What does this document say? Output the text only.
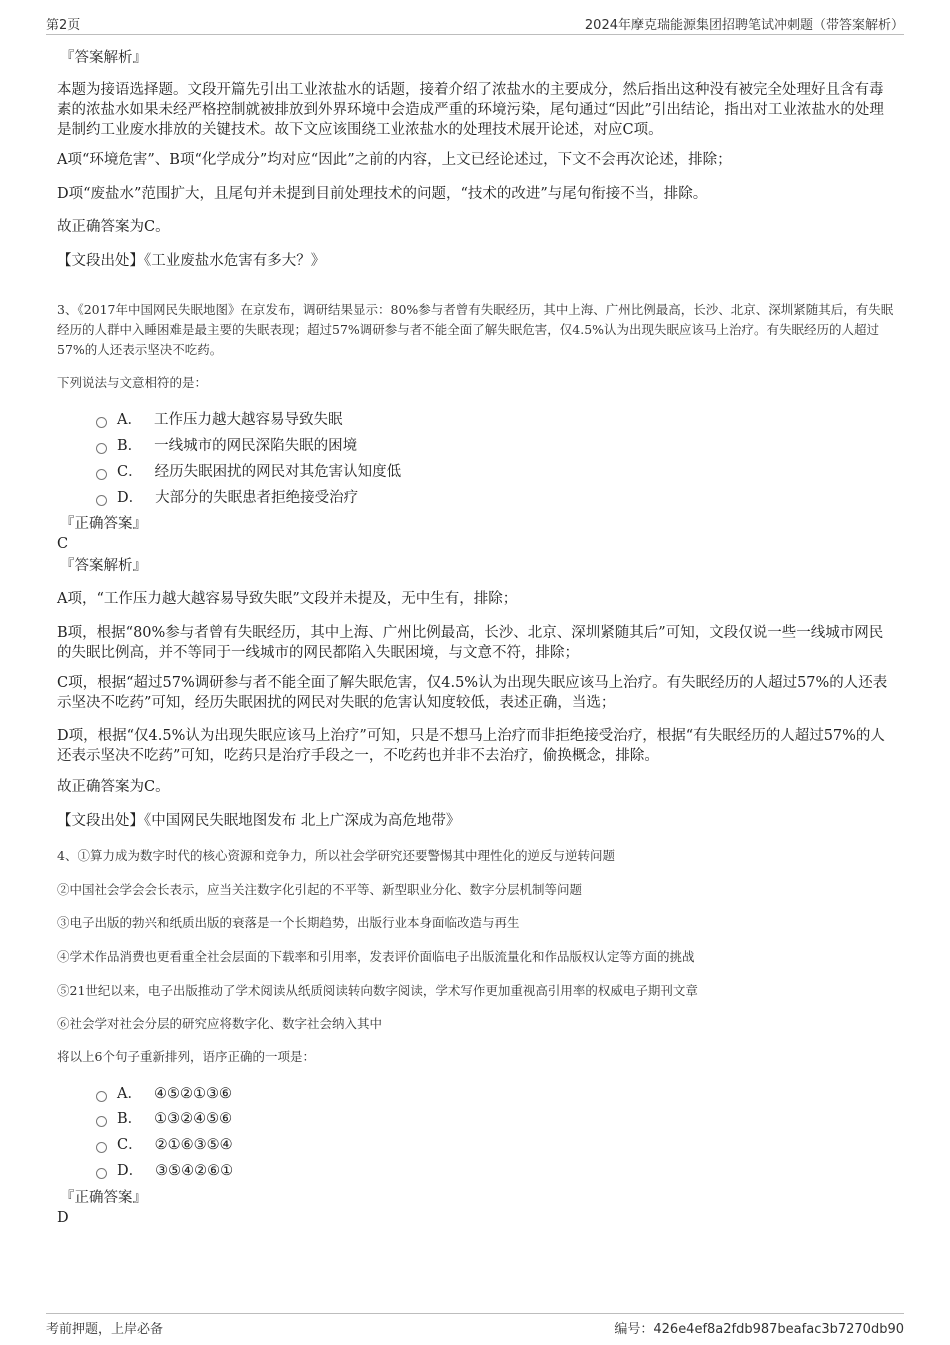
第2页	2024年摩克瑞能源集团招聘笔试冲刺题（带答案解析）
『答案解析』
本题为接语选择题。文段开篇先引出工业浓盐水的话题，接着介绍了浓盐水的主要成分，然后指出这种没有被完全处理好且含有毒素的浓盐水如果未经严格控制就被排放到外界环境中会造成严重的环境污染，尾句通过“因此”引出结论，指出对工业浓盐水的处理是制约工业废水排放的关键技术。故下文应该围绕工业浓盐水的处理技术展开论述，对应C项。
A项“环境危害”、B项“化学成分”均对应“因此”之前的内容，上文已经论述过，下文不会再次论述，排除；
D项“废盐水”范围扩大，且尾句并未提到目前处理技术的问题，“技术的改进”与尾句衔接不当，排除。
故正确答案为C。
【文段出处】《工业废盐水危害有多大？》
3、《2017年中国网民失眠地图》在京发布，调研结果显示：80%参与者曾有失眠经历，其中上海、广州比例最高，长沙、北京、深圳紧随其后，有失眠经历的人群中入睡困难是最主要的失眠表现；超过57%调研参与者不能全面了解失眠危害，仅4.5%认为出现失眠应该马上治疗。有失眠经历的人超过57%的人还表示坚决不吃药。
下列说法与文意相符的是：
A． 工作压力越大越容易导致失眠
B． 一线城市的网民深陷失眠的困境
C． 经历失眠困扰的网民对其危害认知度低
D． 大部分的失眠患者拒绝接受治疗
『正确答案』
C
『答案解析』
A项，“工作压力越大越容易导致失眠”文段并未提及，无中生有，排除；
B项，根据“80%参与者曾有失眠经历，其中上海、广州比例最高，长沙、北京、深圳紧随其后”可知，文段仅说一些一线城市网民的失眠比例高，并不等同于一线城市的网民都陷入失眠困境，与文意不符，排除；
C项，根据“超过57%调研参与者不能全面了解失眠危害，仅4.5%认为出现失眠应该马上治疗。有失眠经历的人超过57%的人还表示坚决不吃药”可知，经历失眠困扰的网民对失眠的危害认知度较低，表述正确，当选；
D项，根据“仅4.5%认为出现失眠应该马上治疗”可知，只是不想马上治疗而非拒绝接受治疗，根据“有失眠经历的人超过57%的人还表示坚决不吃药”可知，吃药只是治疗手段之一，不吃药也并非不去治疗，偷换概念，排除。
故正确答案为C。
【文段出处】《中国网民失眠地图发布 北上广深成为高危地带》
4、①算力成为数字时代的核心资源和竞争力，所以社会学研究还要警惕其中理性化的逆反与逆转问题
②中国社会学会会长表示，应当关注数字化引起的不平等、新型职业分化、数字分层机制等问题
③电子出版的勃兴和纸质出版的衰落是一个长期趋势，出版行业本身面临改造与再生
④学术作品消费也更看重全社会层面的下载率和引用率，发表评价面临电子出版流量化和作品版权认定等方面的挑战
⑤21世纪以来，电子出版推动了学术阅读从纸质阅读转向数字阅读，学术写作更加重视高引用率的权威电子期刊文章
⑥社会学对社会分层的研究应将数字化、数字社会纳入其中
将以上6个句子重新排列，语序正确的一项是：
A． ④⑤②①③⑥
B． ①③②④⑤⑥
C． ②①⑥③⑤④
D． ③⑤④②⑥①
『正确答案』
D
考前押题，上岸必备	编号：426e4ef8a2fdb987beafac3b7270db90
